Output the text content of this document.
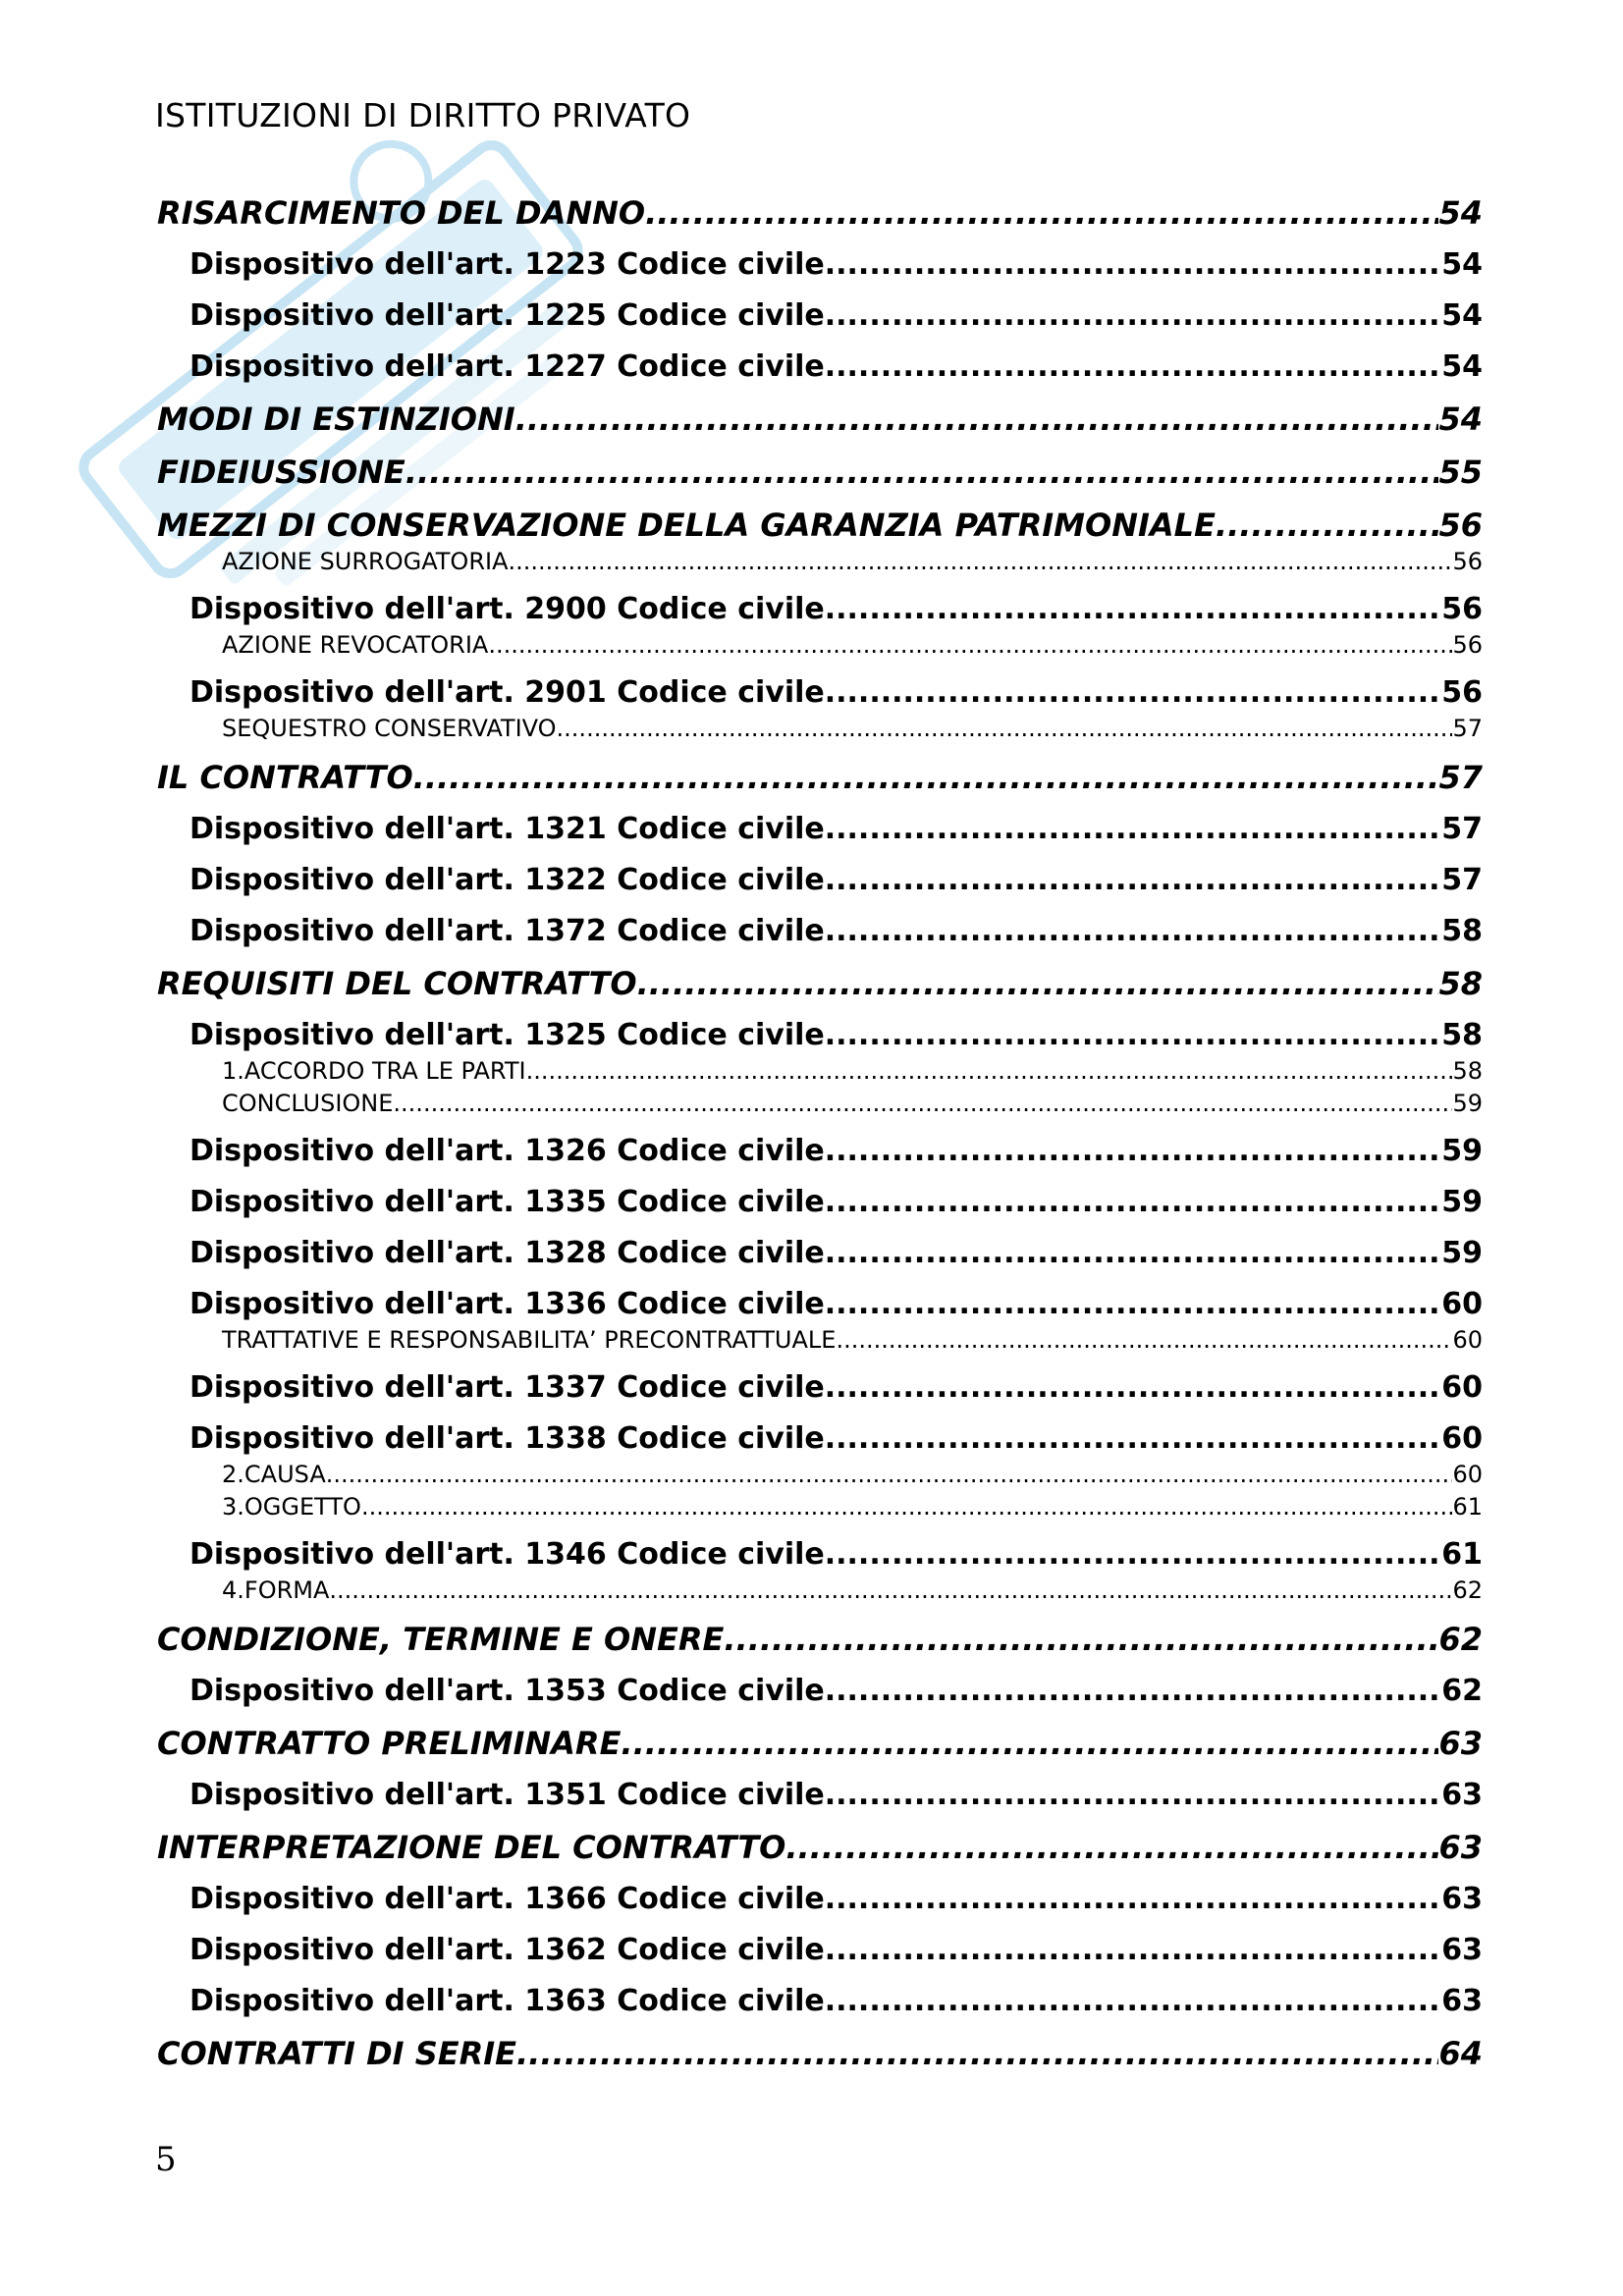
ISTITUZIONI DI DIRITTO PRIVATO
RISARCIMENTO DEL DANNO .....	54
Dispositivo dell'art. 1223 Codice civile .....	54
Dispositivo dell'art. 1225 Codice civile .....	54
Dispositivo dell'art. 1227 Codice civile .....	54
MODI DI ESTINZIONI .....	54
FIDEIUSSIONE .....	55
MEZZI DI CONSERVAZIONE DELLA GARANZIA PATRIMONIALE .....	56
AZIONE SURROGATORIA .....	56
Dispositivo dell'art. 2900 Codice civile .....	56
AZIONE REVOCATORIA .....	56
Dispositivo dell'art. 2901 Codice civile .....	56
SEQUESTRO CONSERVATIVO .....	57
IL CONTRATTO .....	57
Dispositivo dell'art. 1321 Codice civile .....	57
Dispositivo dell'art. 1322 Codice civile .....	57
Dispositivo dell'art. 1372 Codice civile .....	58
REQUISITI DEL CONTRATTO .....	58
Dispositivo dell'art. 1325 Codice civile .....	58
1.ACCORDO TRA LE PARTI .....	58
CONCLUSIONE .....	59
Dispositivo dell'art. 1326 Codice civile .....	59
Dispositivo dell'art. 1335 Codice civile .....	59
Dispositivo dell'art. 1328 Codice civile .....	59
Dispositivo dell'art. 1336 Codice civile .....	60
TRATTATIVE E RESPONSABILITA’ PRECONTRATTUALE .....	60
Dispositivo dell'art. 1337 Codice civile .....	60
Dispositivo dell'art. 1338 Codice civile .....	60
2.CAUSA .....	60
3.OGGETTO .....	61
Dispositivo dell'art. 1346 Codice civile .....	61
4.FORMA .....	62
CONDIZIONE, TERMINE E ONERE .....	62
Dispositivo dell'art. 1353 Codice civile .....	62
CONTRATTO PRELIMINARE .....	63
Dispositivo dell'art. 1351 Codice civile .....	63
INTERPRETAZIONE DEL CONTRATTO .....	63
Dispositivo dell'art. 1366 Codice civile .....	63
Dispositivo dell'art. 1362 Codice civile .....	63
Dispositivo dell'art. 1363 Codice civile .....	63
CONTRATTI DI SERIE .....	64
5
